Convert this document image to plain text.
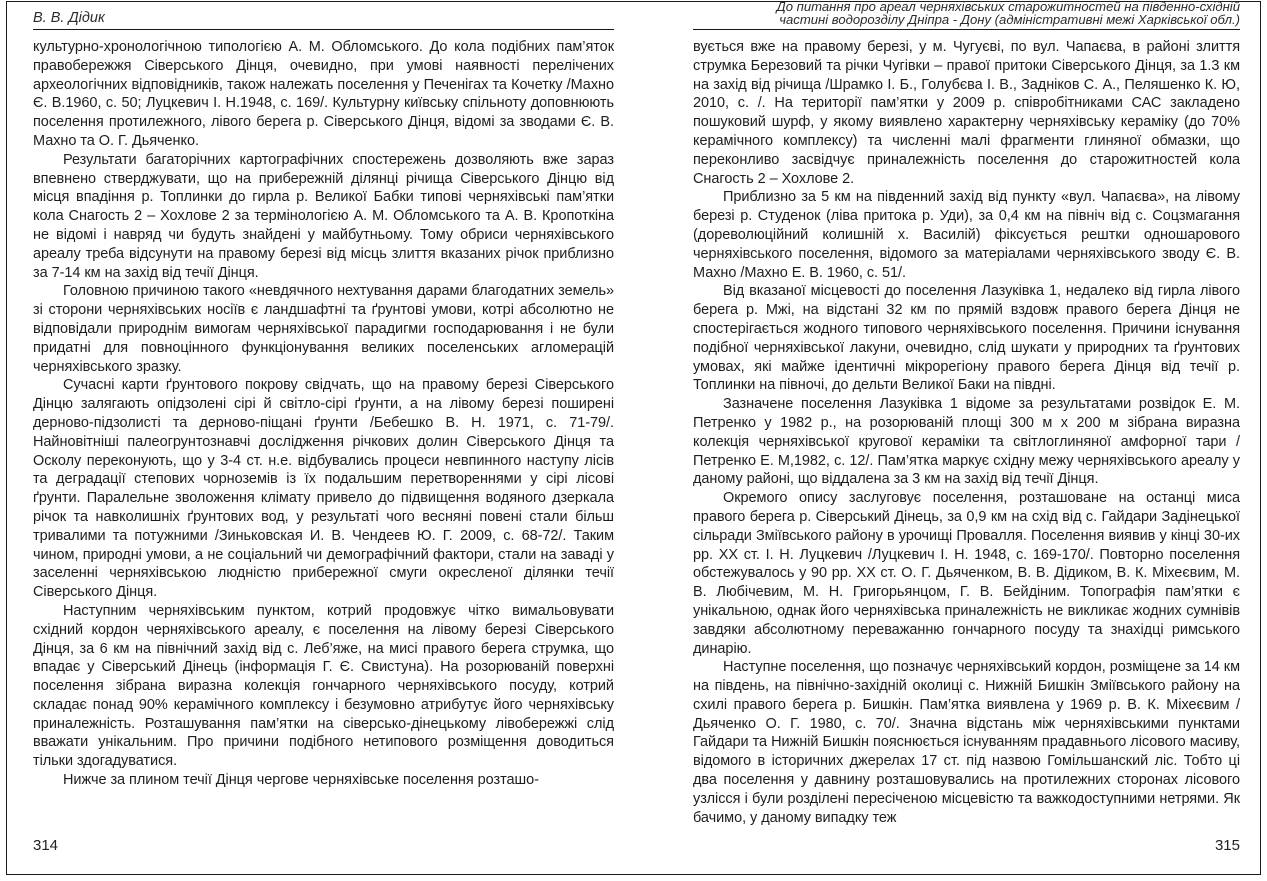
В. В. Дідик

культурно-хронологічною типологією А. М. Обломського. До кола подібних пам’яток правобережжя Сіверського Дінця, очевидно, при умові наявності перелічених археологічних відповідників, також належать поселення у Печенігах та Кочетку /Махно Є. В.1960, с. 50; Луцкевич І. Н.1948, с. 169/. Культурну київську спільноту доповнюють поселення протилежного, лівого берега р. Сіверського Дінця, відомі за зводами Є. В. Махно та О. Г. Дьяченко.

Результати багаторічних картографічних спостережень дозволяють вже зараз впевнено стверджувати, що на прибережній ділянці річища Сіверського Дінцю від місця впадіння р. Топлинки до гирла р. Великої Бабки типові черняхівські пам’ятки кола Снагость 2 – Хохлове 2 за термінологією А. М. Обломського та А. В. Кропоткіна не відомі і навряд чи будуть знайдені у майбутньому. Тому обриси черняхівського ареалу треба відсунути на правому березі від місць злиття вказаних річок приблизно за 7-14 км на захід від течії Дінця.

Головною причиною такого «невдячного нехтування дарами благодатних земель» зі сторони черняхівських носіїв є ландшафтні та ґрунтові умови, котрі абсолютно не відповідали природнім вимогам черняхівської парадигми господарювання і не були придатні для повноцінного функціонування великих поселенських агломерацій черняхівського зразку.

Сучасні карти ґрунтового покрову свідчать, що на правому березі Сіверського Дінцю залягають опідзолені сірі й світло-сірі ґрунти, а на лівому березі поширені дерново-підзолисті та дерново-піщані ґрунти /Бебешко В. Н. 1971, с. 71-79/. Найновітніші палеогрунтознавчі дослідження річкових долин Сіверського Дінця та Осколу переконують, що у 3-4 ст. н.е. відбувались процеси невпинного наступу лісів та деградації степових чорноземів із їх подальшим перетвореннями у сірі лісові ґрунти. Паралельне зволоження клімату привело до підвищення водяного дзеркала річок та навколишніх ґрунтових вод, у результаті чого весняні повені стали більш тривалими та потужними /Зиньковская И. В. Чендеев Ю. Г. 2009, с. 68-72/. Таким чином, природні умови, а не соціальний чи демографічний фактори, стали на заваді у заселенні черняхівською людністю прибережної смуги окресленої ділянки течії Сіверського Дінця.

Наступним черняхівським пунктом, котрий продовжує чітко вимальовувати східний кордон черняхівського ареалу, є поселення на лівому березі Сіверського Дінця, за 6 км на північний захід від с. Леб’яже, на мисі правого берега струмка, що впадає у Сіверський Дінець (інформація Г. Є. Свистуна). На розорюваній поверхні поселення зібрана виразна колекція гончарного черняхівського посуду, котрий складає понад 90% керамічного комплексу і безумовно атрибутує його черняхівську приналежність. Розташування пам’ятки на сіверсько-дінецькому лівобережжі слід вважати унікальним. Про причини подібного нетипового розміщення доводиться тільки здогадуватися.

Нижче за плином течії Дінця чергове черняхівське поселення розташо-

314
До питання про ареал черняхівських старожитностей на південно-східній
частині водорозділу Дніпра - Дону (адміністративні межі Харківської обл.)

вується вже на правому березі, у м. Чугуєві, по вул. Чапаєва, в районі злиття струмка Березовий та річки Чугівки – правої притоки Сіверського Дінця, за 1.3 км на захід від річища /Шрамко І. Б., Голубєва І. В., Задніков С. А., Пеляшенко К. Ю, 2010, с. /. На території пам’ятки у 2009 р. співробітниками САС закладено пошуковий шурф, у якому виявлено характерну черняхівську кераміку (до 70% керамічного комплексу) та численні малі фрагменти глиняної обмазки, що переконливо засвідчує приналежність поселення до старожитностей кола Снагость 2 – Хохлове 2.

Приблизно за 5 км на південний захід від пункту «вул. Чапаєва», на лівому березі р. Студенок (ліва притока р. Уди), за 0,4 км на північ від с. Соцзмагання (дореволюційний колишній х. Василій) фіксується рештки одношарового черняхівського поселення, відомого за матеріалами черняхівського зводу Є. В. Махно /Махно Е. В. 1960, с. 51/.

Від вказаної місцевості до поселення Лазуківка 1, недалеко від гирла лівого берега р. Мжі, на відстані 32 км по прямій вздовж правого берега Дінця не спостерігається жодного типового черняхівського поселення. Причини існування подібної черняхівської лакуни, очевидно, слід шукати у природних та ґрунтових умовах, які майже ідентичні мікрорегіону правого берега Дінця від течії р. Топлинки на півночі, до дельти Великої Баки на півдні.

Зазначене поселення Лазуківка 1 відоме за результатами розвідок Е. М. Петренко у 1982 р., на розорюваній площі 300 м х 200 м зібрана виразна колекція черняхівської кругової кераміки та світлоглиняної амфорної тари /Петренко Е. М,1982, с. 12/. Пам’ятка маркує східну межу черняхівського ареалу у даному районі, що віддалена за 3 км на захід від течії Дінця.

Окремого опису заслуговує поселення, розташоване на останці миса правого берега р. Сіверський Дінець, за 0,9 км на схід від с. Гайдари Задінецької сільради Зміївського району в урочищі Провалля. Поселення виявив у кінці 30-их рр. ХХ ст. І. Н. Луцкевич /Луцкевич І. Н. 1948, с. 169-170/. Повторно поселення обстежувалось у 90 рр. ХХ ст. О. Г. Дьяченком, В. В. Дідиком, В. К. Міхеєвим, М. В. Любічевим, М. Н. Григорьянцом, Г. В. Бейдіним. Топографія пам’ятки є унікальною, однак його черняхівська приналежність не викликає жодних сумнівів завдяки абсолютному переважанню гончарного посуду та знахідці римського динарію.

Наступне поселення, що позначує черняхівський кордон, розміщене за 14 км на південь, на північно-західній околиці с. Нижній Бишкін Зміївського району на схилі правого берега р. Бишкін. Пам’ятка виявлена у 1969 р. В. К. Міхеєвим /Дьяченко О. Г. 1980, с. 70/. Значна відстань між черняхівськими пунктами Гайдари та Нижній Бишкін пояснюється існуванням прадавнього лісового масиву, відомого в історичних джерелах 17 ст. під назвою Гомільшанский ліс. Тобто ці два поселення у давнину розташовувались на протилежних сторонах лісового узлісся і були розділені пересіченою місцевістю та важкодоступними нетрями. Як бачимо, у даному випадку теж

315
